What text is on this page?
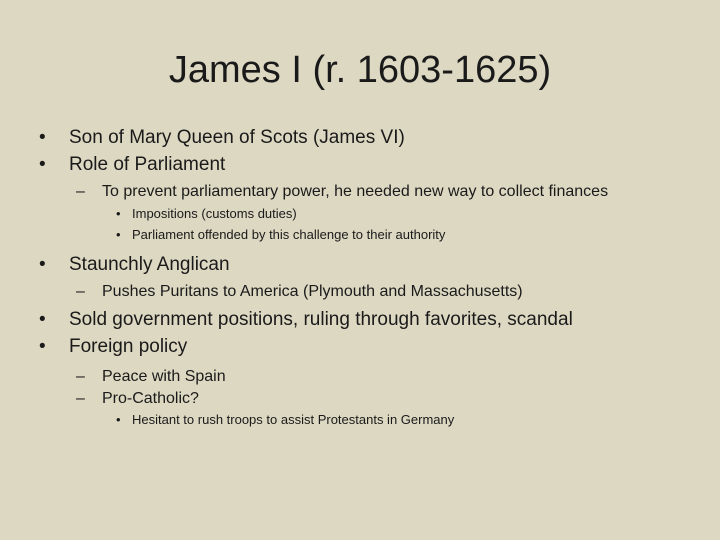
James I (r. 1603-1625)
• Son of Mary Queen of Scots (James VI)
• Role of Parliament
– To prevent parliamentary power, he needed new way to collect finances
• Impositions (customs duties)
• Parliament offended by this challenge to their authority
• Staunchly Anglican
– Pushes Puritans to America (Plymouth and Massachusetts)
• Sold government positions, ruling through favorites, scandal
• Foreign policy
– Peace with Spain
– Pro-Catholic?
• Hesitant to rush troops to assist Protestants in Germany
